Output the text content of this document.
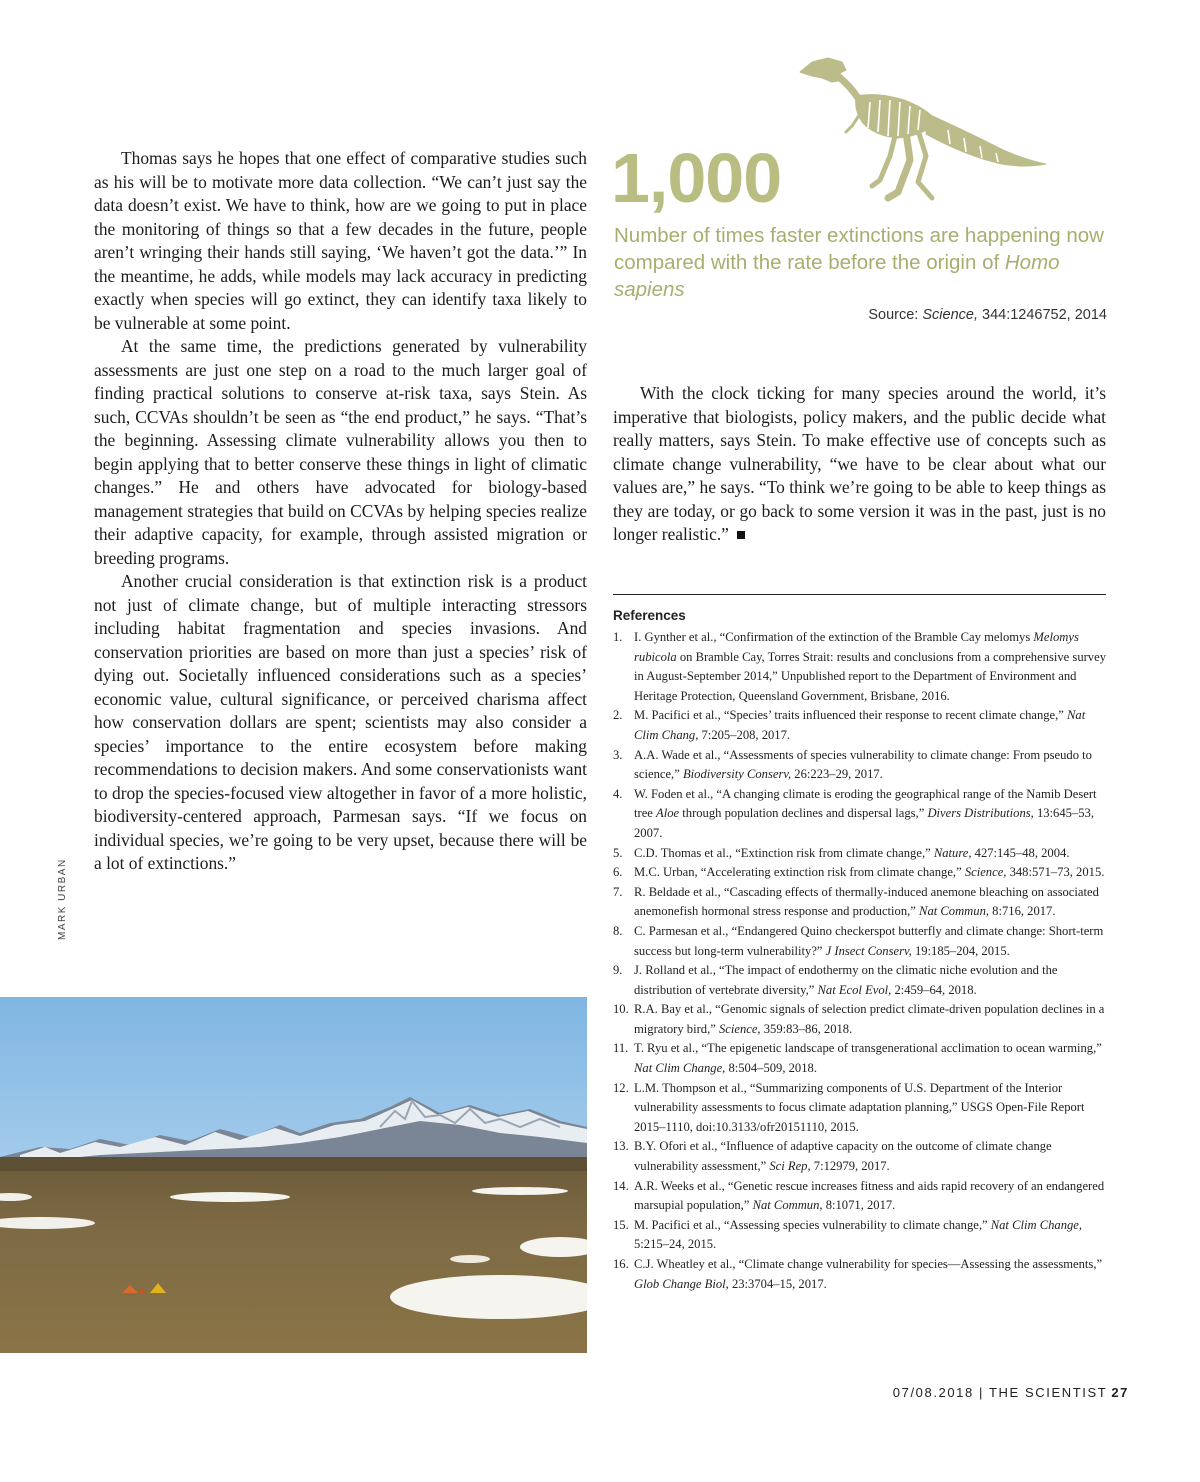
Thomas says he hopes that one effect of comparative studies such as his will be to motivate more data collection. “We can’t just say the data doesn’t exist. We have to think, how are we going to put in place the monitoring of things so that a few decades in the future, people aren’t wringing their hands still saying, ‘We haven’t got the data.’” In the meantime, he adds, while models may lack accuracy in predicting exactly when species will go extinct, they can identify taxa likely to be vulnerable at some point.

At the same time, the predictions generated by vulnerability assessments are just one step on a road to the much larger goal of finding practical solutions to conserve at-risk taxa, says Stein. As such, CCVAs shouldn’t be seen as “the end product,” he says. “That’s the beginning. Assessing climate vulnerability allows you then to begin applying that to better conserve these things in light of climatic changes.” He and others have advocated for biology-based management strategies that build on CCVAs by helping species realize their adaptive capacity, for example, through assisted migration or breeding programs.

Another crucial consideration is that extinction risk is a product not just of climate change, but of multiple interacting stressors including habitat fragmentation and species invasions. And conservation priorities are based on more than just a species’ risk of dying out. Societally influenced considerations such as a species’ economic value, cultural significance, or perceived charisma affect how conservation dollars are spent; scientists may also consider a species’ importance to the entire ecosystem before making recommendations to decision makers. And some conservationists want to drop the species-focused view altogether in favor of a more holistic, biodiversity-centered approach, Parmesan says. “If we focus on individual species, we’re going to be very upset, because there will be a lot of extinctions.”

MARK URBAN
1,000
Number of times faster extinctions are happening now compared with the rate before the origin of Homo sapiens
Source: Science, 344:1246752, 2014

With the clock ticking for many species around the world, it’s imperative that biologists, policy makers, and the public decide what really matters, says Stein. To make effective use of concepts such as climate change vulnerability, “we have to be clear about what our values are,” he says. “To think we’re going to be able to keep things as they are today, or go back to some version it was in the past, just is no longer realistic.”

References
1. I. Gynther et al., “Confirmation of the extinction of the Bramble Cay melomys Melomys rubicola on Bramble Cay, Torres Strait: results and conclusions from a comprehensive survey in August-September 2014,” Unpublished report to the Department of Environment and Heritage Protection, Queensland Government, Brisbane, 2016.
2. M. Pacifici et al., “Species’ traits influenced their response to recent climate change,” Nat Clim Chang, 7:205–208, 2017.
3. A.A. Wade et al., “Assessments of species vulnerability to climate change: From pseudo to science,” Biodiversity Conserv, 26:223–29, 2017.
4. W. Foden et al., “A changing climate is eroding the geographical range of the Namib Desert tree Aloe through population declines and dispersal lags,” Divers Distributions, 13:645–53, 2007.
5. C.D. Thomas et al., “Extinction risk from climate change,” Nature, 427:145–48, 2004.
6. M.C. Urban, “Accelerating extinction risk from climate change,” Science, 348:571–73, 2015.
7. R. Beldade et al., “Cascading effects of thermally-induced anemone bleaching on associated anemonefish hormonal stress response and production,” Nat Commun, 8:716, 2017.
8. C. Parmesan et al., “Endangered Quino checkerspot butterfly and climate change: Short-term success but long-term vulnerability?” J Insect Conserv, 19:185–204, 2015.
9. J. Rolland et al., “The impact of endothermy on the climatic niche evolution and the distribution of vertebrate diversity,” Nat Ecol Evol, 2:459–64, 2018.
10. R.A. Bay et al., “Genomic signals of selection predict climate-driven population declines in a migratory bird,” Science, 359:83–86, 2018.
11. T. Ryu et al., “The epigenetic landscape of transgenerational acclimation to ocean warming,” Nat Clim Change, 8:504–509, 2018.
12. L.M. Thompson et al., “Summarizing components of U.S. Department of the Interior vulnerability assessments to focus climate adaptation planning,” USGS Open-File Report 2015–1110, doi:10.3133/ofr20151110, 2015.
13. B.Y. Ofori et al., “Influence of adaptive capacity on the outcome of climate change vulnerability assessment,” Sci Rep, 7:12979, 2017.
14. A.R. Weeks et al., “Genetic rescue increases fitness and aids rapid recovery of an endangered marsupial population,” Nat Commun, 8:1071, 2017.
15. M. Pacifici et al., “Assessing species vulnerability to climate change,” Nat Clim Change, 5:215–24, 2015.
16. C.J. Wheatley et al., “Climate change vulnerability for species—Assessing the assessments,” Glob Change Biol, 23:3704–15, 2017.
07/08.2018 | THE SCIENTIST 27
